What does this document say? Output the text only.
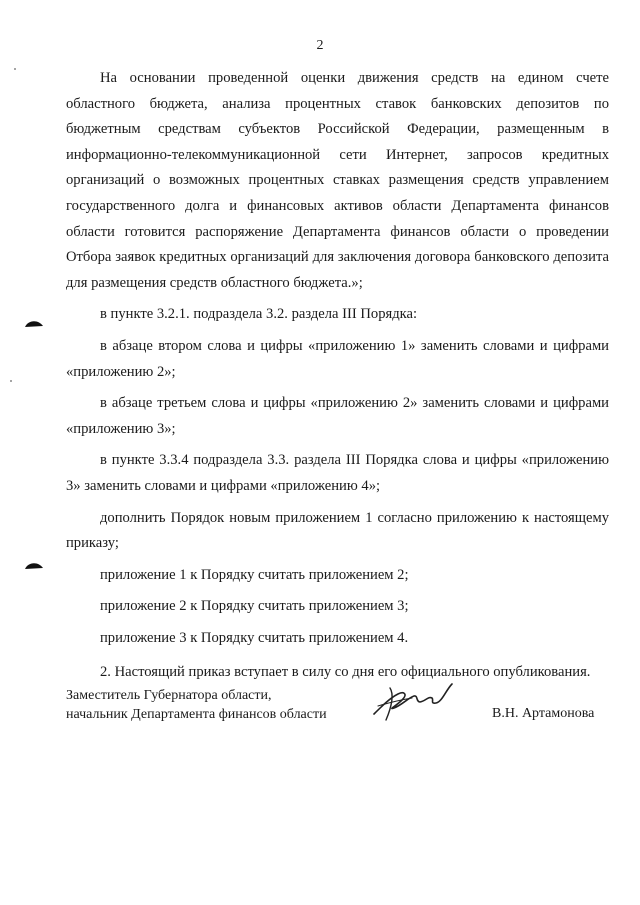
2

На основании проведенной оценки движения средств на едином счете областного бюджета, анализа процентных ставок банковских депозитов по бюджетным средствам субъектов Российской Федерации, размещенным в информационно-телекоммуникационной сети Интернет, запросов кредитных организаций о возможных процентных ставках размещения средств управлением государственного долга и финансовых активов области Департамента финансов области готовится распоряжение Департамента финансов области о проведении Отбора заявок кредитных организаций для заключения договора банковского депозита для размещения средств областного бюджета.»;

в пункте 3.2.1. подраздела 3.2. раздела III Порядка:

в абзаце втором слова и цифры «приложению 1» заменить словами и цифрами «приложению 2»;

в абзаце третьем слова и цифры «приложению 2» заменить словами и цифрами «приложению 3»;

в пункте 3.3.4 подраздела 3.3. раздела III Порядка слова и цифры «приложению 3» заменить словами и цифрами «приложению 4»;

дополнить Порядок новым приложением 1 согласно приложению к настоящему приказу;

приложение 1 к Порядку считать приложением 2;

приложение 2 к Порядку считать приложением 3;

приложение 3 к Порядку считать приложением 4.

2. Настоящий приказ вступает в силу со дня его официального опубликования.

Заместитель Губернатора области,
начальник Департамента финансов области	В.Н. Артамонова
